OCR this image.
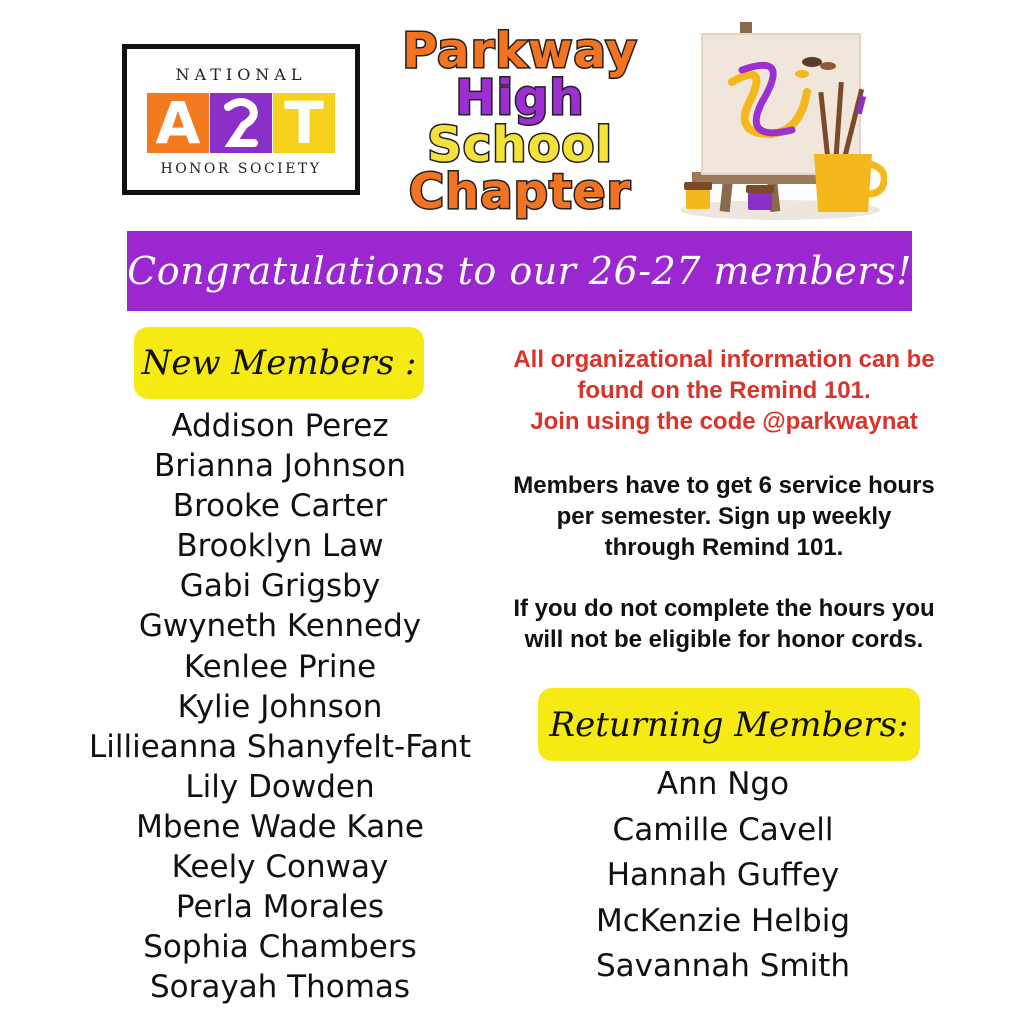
NATIONAL
A T
HONOR SOCIETY
Parkway
High
School
Chapter
Congratulations to our 26-27 members!
New Members :
Addison Perez
Brianna Johnson
Brooke Carter
Brooklyn Law
Gabi Grigsby
Gwyneth Kennedy
Kenlee Prine
Kylie Johnson
Lillieanna Shanyfelt-Fant
Lily Dowden
Mbene Wade Kane
Keely Conway
Perla Morales
Sophia Chambers
Sorayah Thomas
All organizational information can be
found on the Remind 101.
Join using the code @parkwaynat
Members have to get 6 service hours
per semester. Sign up weekly
through Remind 101.
If you do not complete the hours you
will not be eligible for honor cords.
Returning Members:
Ann Ngo
Camille Cavell
Hannah Guffey
McKenzie Helbig
Savannah Smith
